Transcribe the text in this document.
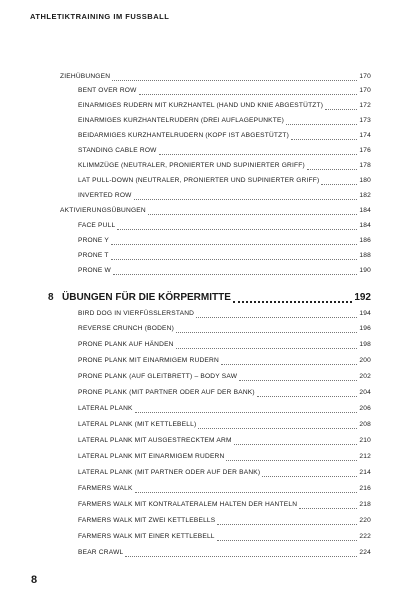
ATHLETIKTRAINING IM FUSSBALL
ZIEHÜBUNGEN	170
BENT OVER ROW	170
EINARMIGES RUDERN MIT KURZHANTEL (HAND UND KNIE ABGESTÜTZT)	172
EINARMIGES KURZHANTELRUDERN (DREI AUFLAGEPUNKTE)	173
BEIDARMIGES KURZHANTELRUDERN (KOPF IST ABGESTÜTZT)	174
STANDING CABLE ROW	176
KLIMMZÜGE (NEUTRALER, PRONIERTER UND SUPINIERTER GRIFF)	178
LAT PULL-DOWN (NEUTRALER, PRONIERTER UND SUPINIERTER GRIFF)	180
INVERTED ROW	182
AKTIVIERUNGSÜBUNGEN	184
FACE PULL	184
PRONE Y	186
PRONE T	188
PRONE W	190
8 ÜBUNGEN FÜR DIE KÖRPERMITTE	192
BIRD DOG IN VIERFÜSSLERSTAND	194
REVERSE CRUNCH (BODEN)	196
PRONE PLANK AUF HÄNDEN	198
PRONE PLANK MIT EINARMIGEM RUDERN	200
PRONE PLANK (AUF GLEITBRETT) – BODY SAW	202
PRONE PLANK (MIT PARTNER ODER AUF DER BANK)	204
LATERAL PLANK	206
LATERAL PLANK (MIT KETTLEBELL)	208
LATERAL PLANK MIT AUSGESTRECKTEM ARM	210
LATERAL PLANK MIT EINARMIGEM RUDERN	212
LATERAL PLANK (MIT PARTNER ODER AUF DER BANK)	214
FARMERS WALK	216
FARMERS WALK MIT KONTRALATERALEM HALTEN DER HANTELN	218
FARMERS WALK MIT ZWEI KETTLEBELLS	220
FARMERS WALK MIT EINER KETTLEBELL	222
BEAR CRAWL	224
8
